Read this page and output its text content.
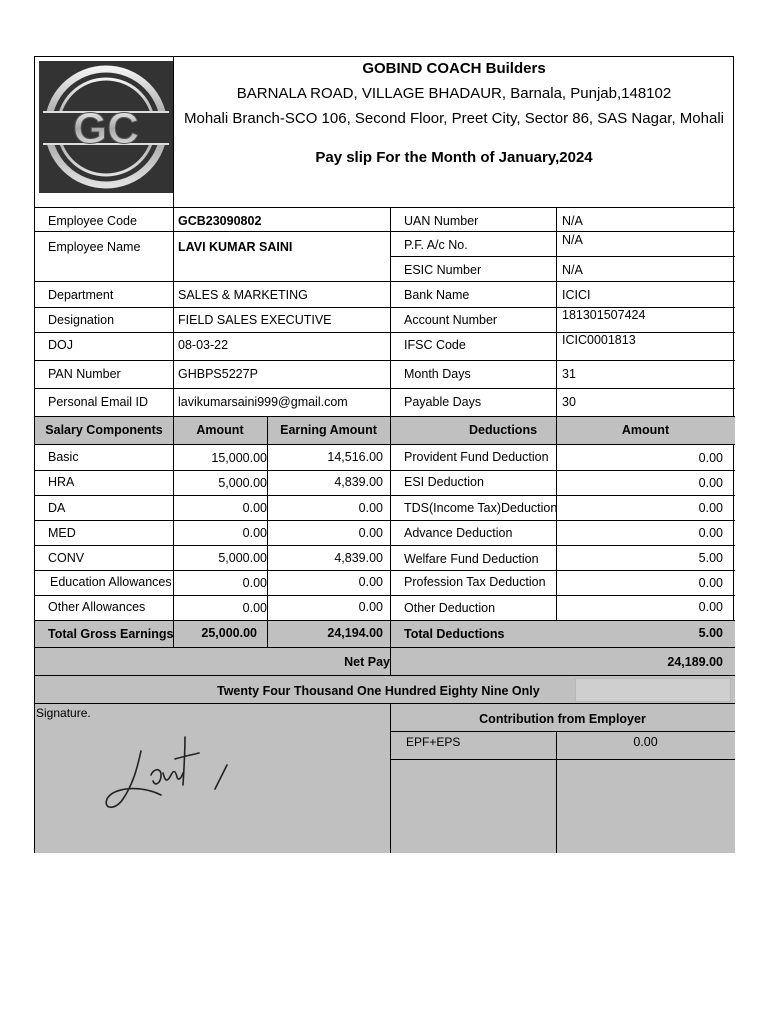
GC
GOBIND COACH Builders
BARNALA ROAD, VILLAGE BHADAUR, Barnala, Punjab,148102
Mohali Branch-SCO 106, Second Floor, Preet City, Sector 86, SAS Nagar, Mohali
Pay slip For the Month of January,2024
Employee Code	GCB23090802	UAN Number	N/A
Employee Name	LAVI KUMAR SAINI	P.F. A/c No.	N/A
ESIC Number	N/A
Department	SALES & MARKETING	Bank Name	ICICI
Designation	FIELD SALES EXECUTIVE	Account Number	181301507424
DOJ	08-03-22	IFSC Code	ICIC0001813
PAN Number	GHBPS5227P	Month Days	31
Personal Email ID lavikumarsaini999@gmail.com	Payable Days	30
Salary Components	Amount	Earning Amount	Deductions	Amount
Basic	15,000.00	14,516.00 Provident Fund Deduction	0.00
HRA	5,000.00	4,839.00 ESI Deduction	0.00
DA	0.00	0.00 TDS(Income Tax)Deduction	0.00
MED	0.00	0.00 Advance Deduction	0.00
CONV	5,000.00	4,839.00 Welfare Fund Deduction	5.00
Education Allowances	0.00	0.00 Profession Tax Deduction	0.00
Other Allowances	0.00	0.00 Other Deduction	0.00
Total Gross Earnings	25,000.00	24,194.00 Total Deductions	5.00
Net Pay	24,189.00
Twenty Four Thousand One Hundred Eighty Nine Only
Signature.	Contribution from Employer
EPF+EPS	0.00
